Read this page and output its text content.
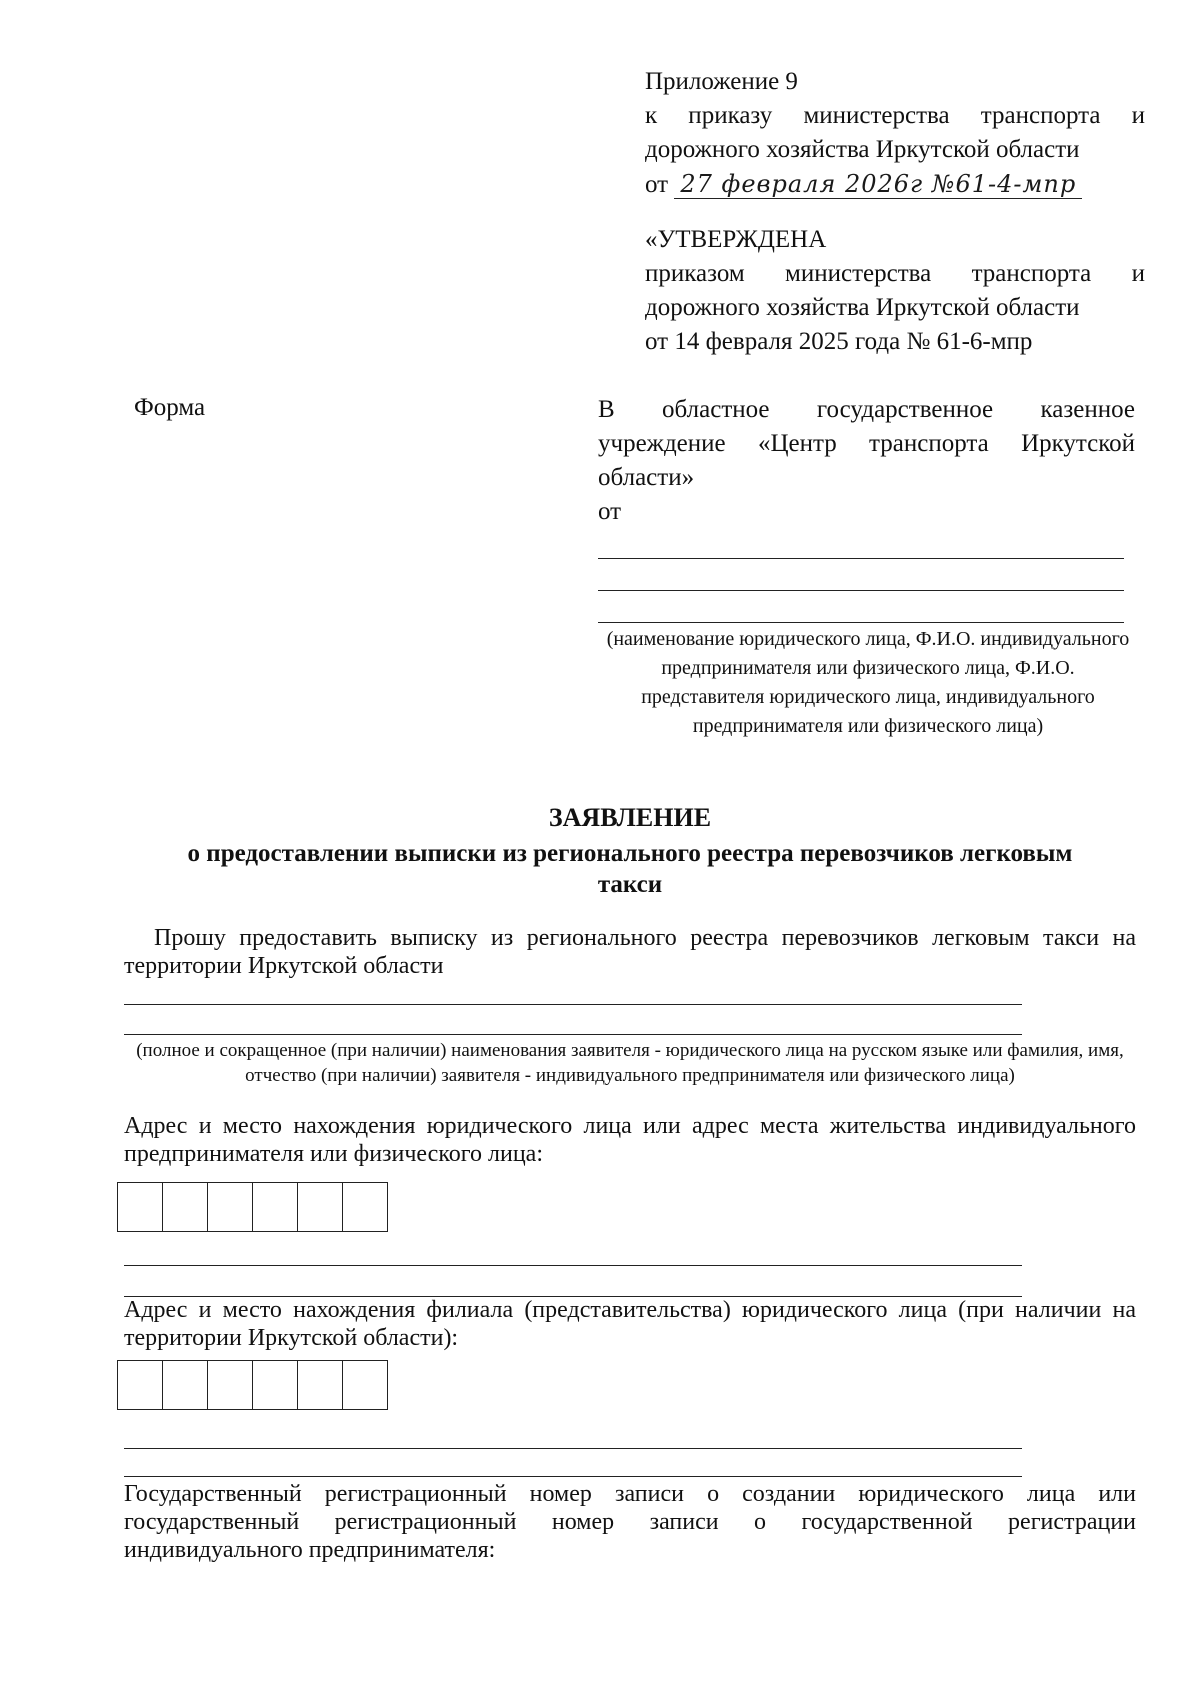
Приложение 9
к приказу министерства транспорта и
дорожного хозяйства Иркутской области
от 27 февраля 2026г №61-4-мпр
«УТВЕРЖДЕНА
приказом министерства транспорта и
дорожного хозяйства Иркутской области
от 14 февраля 2025 года № 61-6-мпр
Форма	В областное государственное казенное
учреждение «Центр транспорта Иркутской
области»
от
(наименование юридического лица, Ф.И.О. индивидуального предпринимателя или физического лица, Ф.И.О. представителя юридического лица, индивидуального предпринимателя или физического лица)
ЗАЯВЛЕНИЕ
о предоставлении выписки из регионального реестра перевозчиков легковым
такси
Прошу предоставить выписку из регионального реестра перевозчиков легковым такси на
территории Иркутской области
(полное и сокращенное (при наличии) наименования заявителя - юридического лица на русском языке или фамилия, имя, отчество (при наличии) заявителя - индивидуального предпринимателя или физического лица)
Адрес и место нахождения юридического лица или адрес места жительства индивидуального
предпринимателя или физического лица:
Адрес и место нахождения филиала (представительства) юридического лица (при наличии на
территории Иркутской области):
Государственный регистрационный номер записи о создании юридического лица или
государственный регистрационный номер записи о государственной регистрации
индивидуального предпринимателя:
